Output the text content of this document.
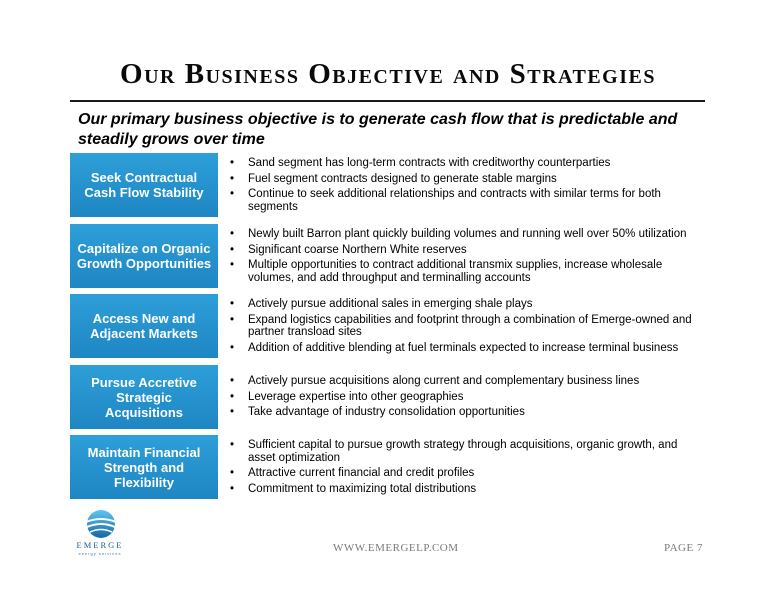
Our Business Objective and Strategies
Our primary business objective is to generate cash flow that is predictable and steadily grows over time
Seek Contractual Cash Flow Stability
• Sand segment has long-term contracts with creditworthy counterparties
• Fuel segment contracts designed to generate stable margins
• Continue to seek additional relationships and contracts with similar terms for both segments
Capitalize on Organic Growth Opportunities
• Newly built Barron plant quickly building volumes and running well over 50% utilization
• Significant coarse Northern White reserves
• Multiple opportunities to contract additional transmix supplies, increase wholesale volumes, and add throughput and terminalling accounts
Access New and Adjacent Markets
• Actively pursue additional sales in emerging shale plays
• Expand logistics capabilities and footprint through a combination of Emerge-owned and partner transload sites
• Addition of additive blending at fuel terminals expected to increase terminal business
Pursue Accretive Strategic Acquisitions
• Actively pursue acquisitions along current and complementary business lines
• Leverage expertise into other geographies
• Take advantage of industry consolidation opportunities
Maintain Financial Strength and Flexibility
• Sufficient capital to pursue growth strategy through acquisitions, organic growth, and asset optimization
• Attractive current financial and credit profiles
• Commitment to maximizing total distributions
EMERGE
energy services	WWW.EMERGELP.COM	PAGE 7
